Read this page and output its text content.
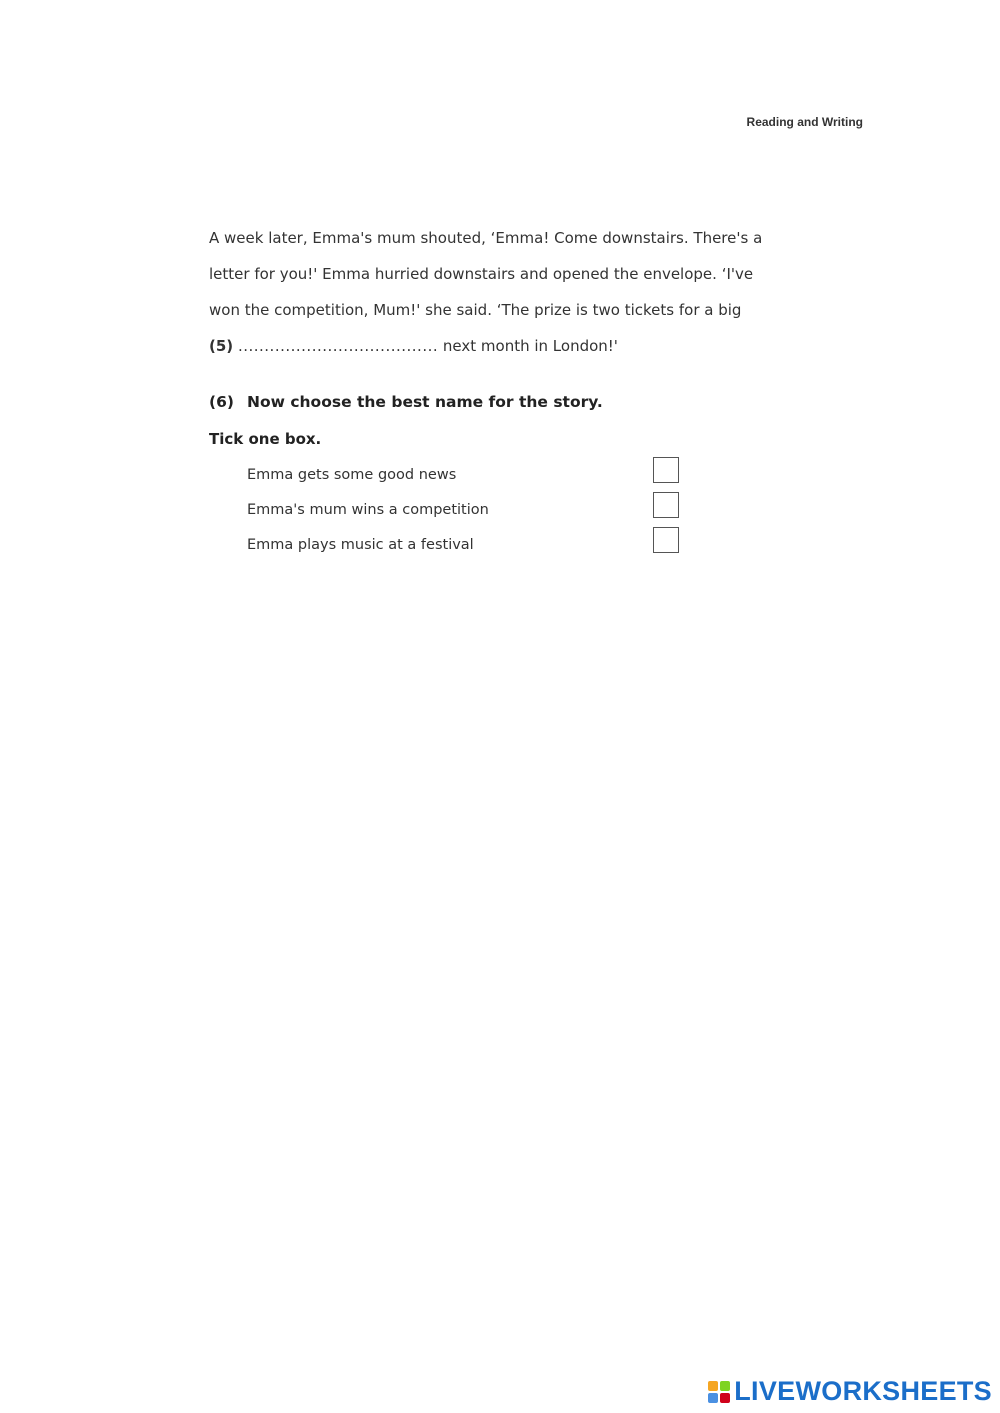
Reading and Writing
A week later, Emma's mum shouted, ‘Emma! Come downstairs. There's a
letter for you!' Emma hurried downstairs and opened the envelope. ‘I've
won the competition, Mum!' she said. ‘The prize is two tickets for a big
(5) ...................................... next month in London!'
(6) Now choose the best name for the story.
Tick one box.
Emma gets some good news
Emma's mum wins a competition
Emma plays music at a festival
LIVEWORKSHEETS
